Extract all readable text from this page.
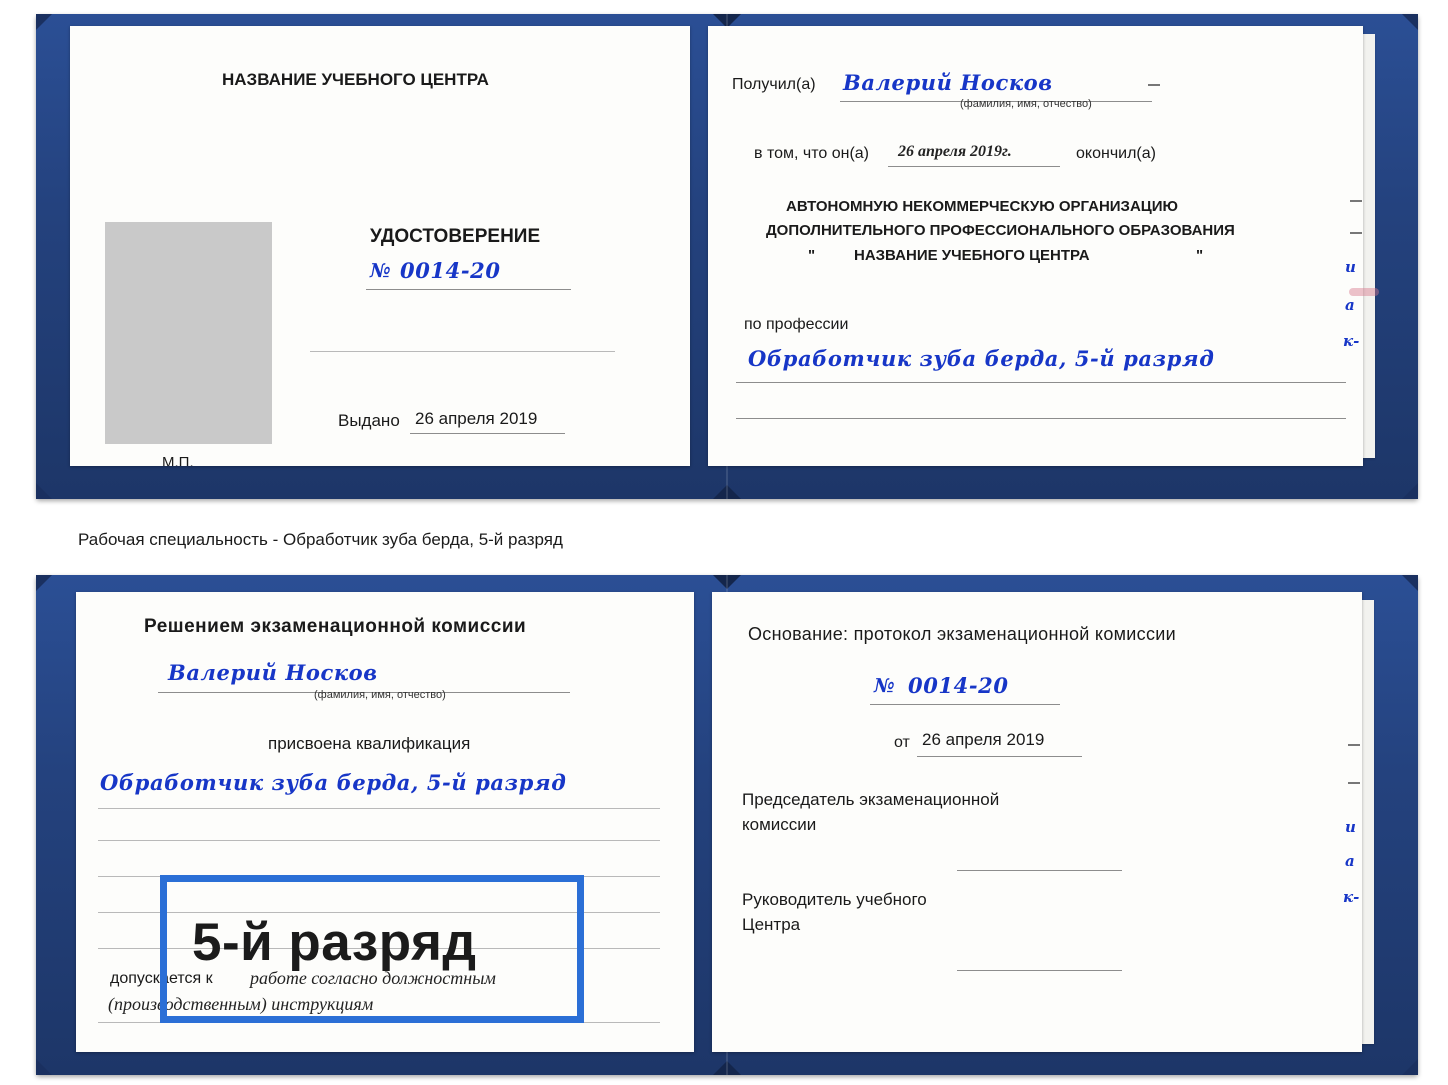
НАЗВАНИЕ УЧЕБНОГО ЦЕНТРА
УДОСТОВЕРЕНИЕ
№ 0014-20
Выдано 26 апреля 2019
М.П.
Получил(а) Валерий Носков
(фамилия, имя, отчество)
в том, что он(а) 26 апреля 2019г.	окончил(а)
АВТОНОМНУЮ НЕКОММЕРЧЕСКУЮ ОРГАНИЗАЦИЮ
ДОПОЛНИТЕЛЬНОГО ПРОФЕССИОНАЛЬНОГО ОБРАЗОВАНИЯ
"	НАЗВАНИЕ УЧЕБНОГО ЦЕНТРА	"
по профессии
Обработчик зуба берда, 5-й разряд
и
а
к-
Рабочая специальность - Обработчик зуба берда, 5-й разряд
Решением экзаменационной комиссии
Валерий Носков
(фамилия, имя, отчество)
присвоена квалификация
Обработчик зуба берда, 5-й разряд
допускается к работе согласно должностным
(производственным) инструкциям
Основание: протокол экзаменационной комиссии
№ 0014-20
от 26 апреля 2019
Председатель экзаменационной
комиссии
Руководитель учебного
Центра
и
а
к-
5-й разряд
